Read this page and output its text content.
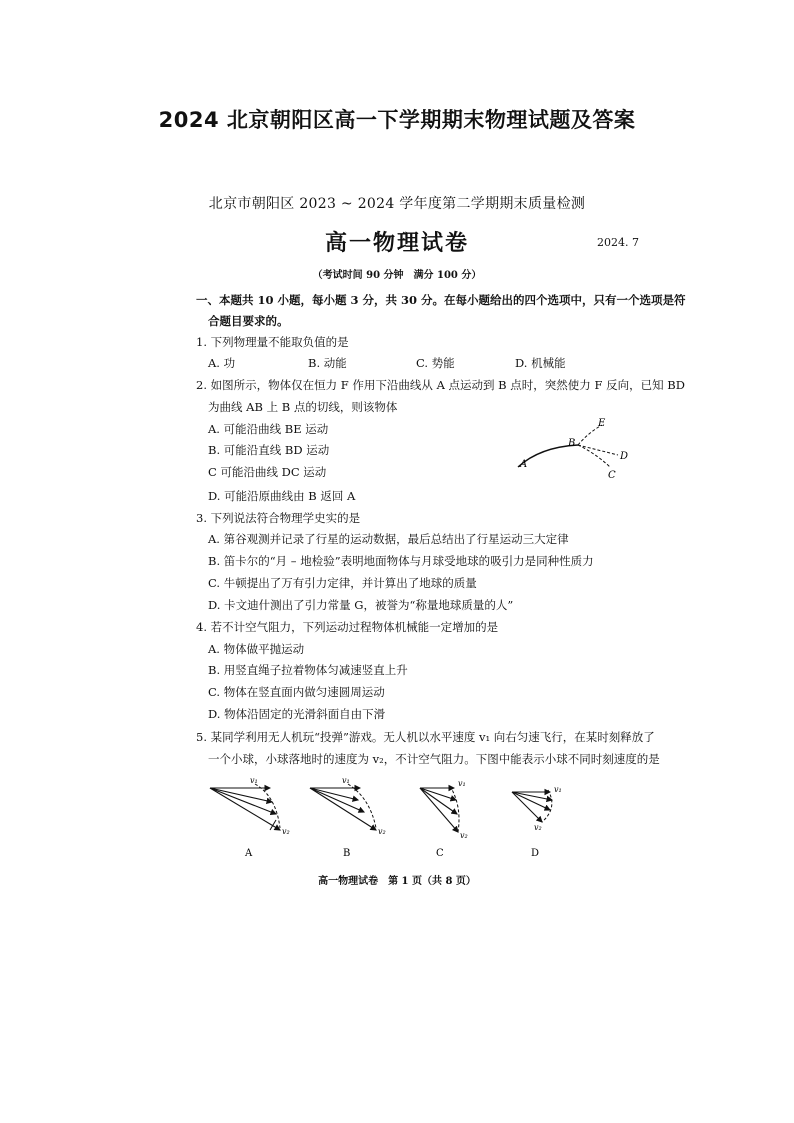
2024 北京朝阳区高一下学期期末物理试题及答案
北京市朝阳区 2023 ~ 2024 学年度第二学期期末质量检测
高一物理试卷	2024. 7
（考试时间 90 分钟　满分 100 分）
一、本题共 10 小题，每小题 3 分，共 30 分。在每小题给出的四个选项中，只有一个选项是符
合题目要求的。
1. 下列物理量不能取负值的是
A. 功	B. 动能	C. 势能	D. 机械能
2. 如图所示，物体仅在恒力 F 作用下沿曲线从 A 点运动到 B 点时，突然使力 F 反向，已知 BD
为曲线 AB 上 B 点的切线，则该物体
A. 可能沿曲线 BE 运动
B. 可能沿直线 BD 运动
C 可能沿曲线 DC 运动
D. 可能沿原曲线由 B 返回 A
A
B
C
D
E
3. 下列说法符合物理学史实的是
A. 第谷观测并记录了行星的运动数据，最后总结出了行星运动三大定律
B. 笛卡尔的“月 – 地检验”表明地面物体与月球受地球的吸引力是同种性质力
C. 牛顿提出了万有引力定律，并计算出了地球的质量
D. 卡文迪什测出了引力常量 G，被誉为“称量地球质量的人”
4. 若不计空气阻力，下列运动过程物体机械能一定增加的是
A. 物体做平抛运动
B. 用竖直绳子拉着物体匀减速竖直上升
C. 物体在竖直面内做匀速圆周运动
D. 物体沿固定的光滑斜面自由下滑
5. 某同学利用无人机玩“投弹”游戏。无人机以水平速度 v₁ 向右匀速飞行，在某时刻释放了
一个小球，小球落地时的速度为 v₂，不计空气阻力。下图中能表示小球不同时刻速度的是
v₁
v₂
A
v₁
v₂
B
v₁
v₂
C
v₁
v₂
D
高一物理试卷　第 1 页（共 8 页）
